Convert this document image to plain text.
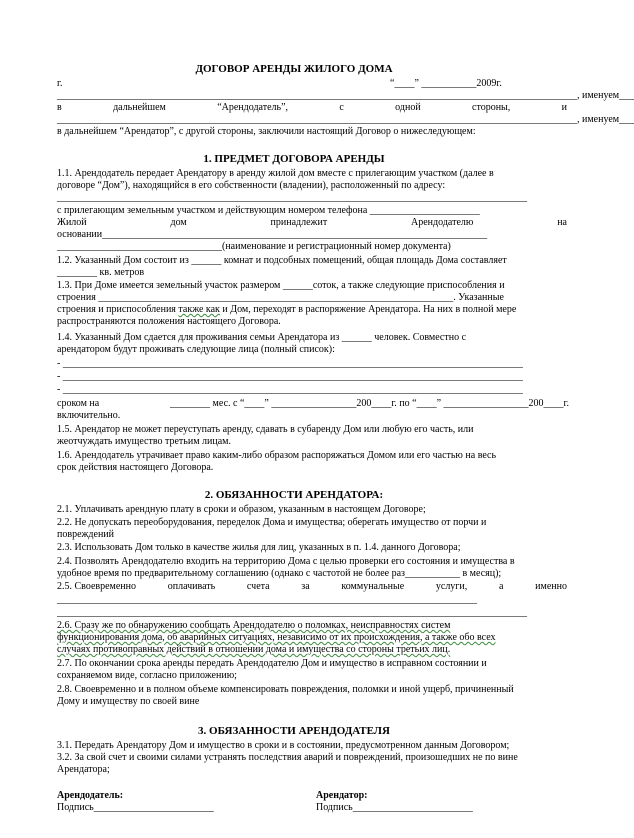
ДОГОВОР АРЕНДЫ ЖИЛОГО ДОМА
г.	“____” ___________2009г.
________________________________________________________________________________________________________, именуем___
в	дальнейшем	“Арендодатель”,	с	одной	стороны,	и
________________________________________________________________________________________________________, именуем___
в дальнейшем “Арендатор”, с другой стороны, заключили настоящий Договор о нижеследующем:
1. ПРЕДМЕТ ДОГОВОРА АРЕНДЫ
1.1. Арендодатель передает Арендатору в аренду жилой дом вместе с прилегающим участком (далее в
договоре “Дом”), находящийся в его собственности (владении), расположенный по адресу:
______________________________________________________________________________________________
с прилегающим земельным участком и действующим номером телефона ______________________
Жилой	дом	принадлежит	Арендодателю	на
основании_____________________________________________________________________________
_________________________________(наименование и регистрационный номер документа)
1.2. Указанный Дом состоит из ______ комнат и подсобных помещений, общая площадь Дома составляет
________ кв. метров
1.3. При Доме имеется земельный участок размером ______соток, а также следующие приспособления и
строения _______________________________________________________________________. Указанные
строения и приспособления также как и Дом, переходят в распоряжение Арендатора. На них в полной мере
распространяются положения настоящего Договора.
1.4. Указанный Дом сдается для проживания семьи Арендатора из ______ человек. Совместно с
арендатором будут проживать следующие лица (полный список):
- ____________________________________________________________________________________________
- ____________________________________________________________________________________________
- ____________________________________________________________________________________________
сроком на	________ мес. с “____” _________________200____г. по “____” _________________200____г.
включительно.
1.5. Арендатор не может переуступать аренду, сдавать в субаренду Дом или любую его часть, или
жеотчуждать имущество третьим лицам.
1.6. Арендодатель утрачивает право каким-либо образом распоряжаться Домом или его частью на весь
срок действия настоящего Договора.
2. ОБЯЗАННОСТИ АРЕНДАТОРА:
2.1. Уплачивать арендную плату в сроки и образом, указанным в настоящем Договоре;
2.2. Не допускать переоборудования, переделок Дома и имущества; оберегать имущество от порчи и
повреждений
2.3. Использовать Дом только в качестве жилья для лиц, указанных в п. 1.4. данного Договора;
2.4. Позволять Арендодателю входить на территорию Дома с целью проверки его состояния и имущества в
удобное время по предварительному соглашению (однако с частотой не более раз___________ в месяц);
2.5. Своевременно	оплачивать	счета	за	коммунальные	услуги,	а	именно
____________________________________________________________________________________
______________________________________________________________________________________________
2.6. Сразу же по обнаружению сообщать Арендодателю о поломках, неисправностях систем
функционирования дома, об аварийных ситуациях, независимо от их происхождения, а также обо всех
случаях противоправных действий в отношении дома и имущества со стороны третьих лиц.
2.7. По окончании срока аренды передать Арендодателю Дом и имущество в исправном состоянии и
сохраняемом виде, согласно приложению;
2.8. Своевременно и в полном объеме компенсировать повреждения, поломки и иной ущерб, причиненный
Дому и имуществу по своей вине
3. ОБЯЗАННОСТИ АРЕНДОДАТЕЛЯ
3.1. Передать Арендатору Дом и имущество в сроки и в состоянии, предусмотренном данным Договором;
3.2. За свой счет и своими силами устранять последствия аварий и повреждений, произошедших не по вине
Арендатора;
Арендодатель:
Подпись________________________
Арендатор:
Подпись________________________
